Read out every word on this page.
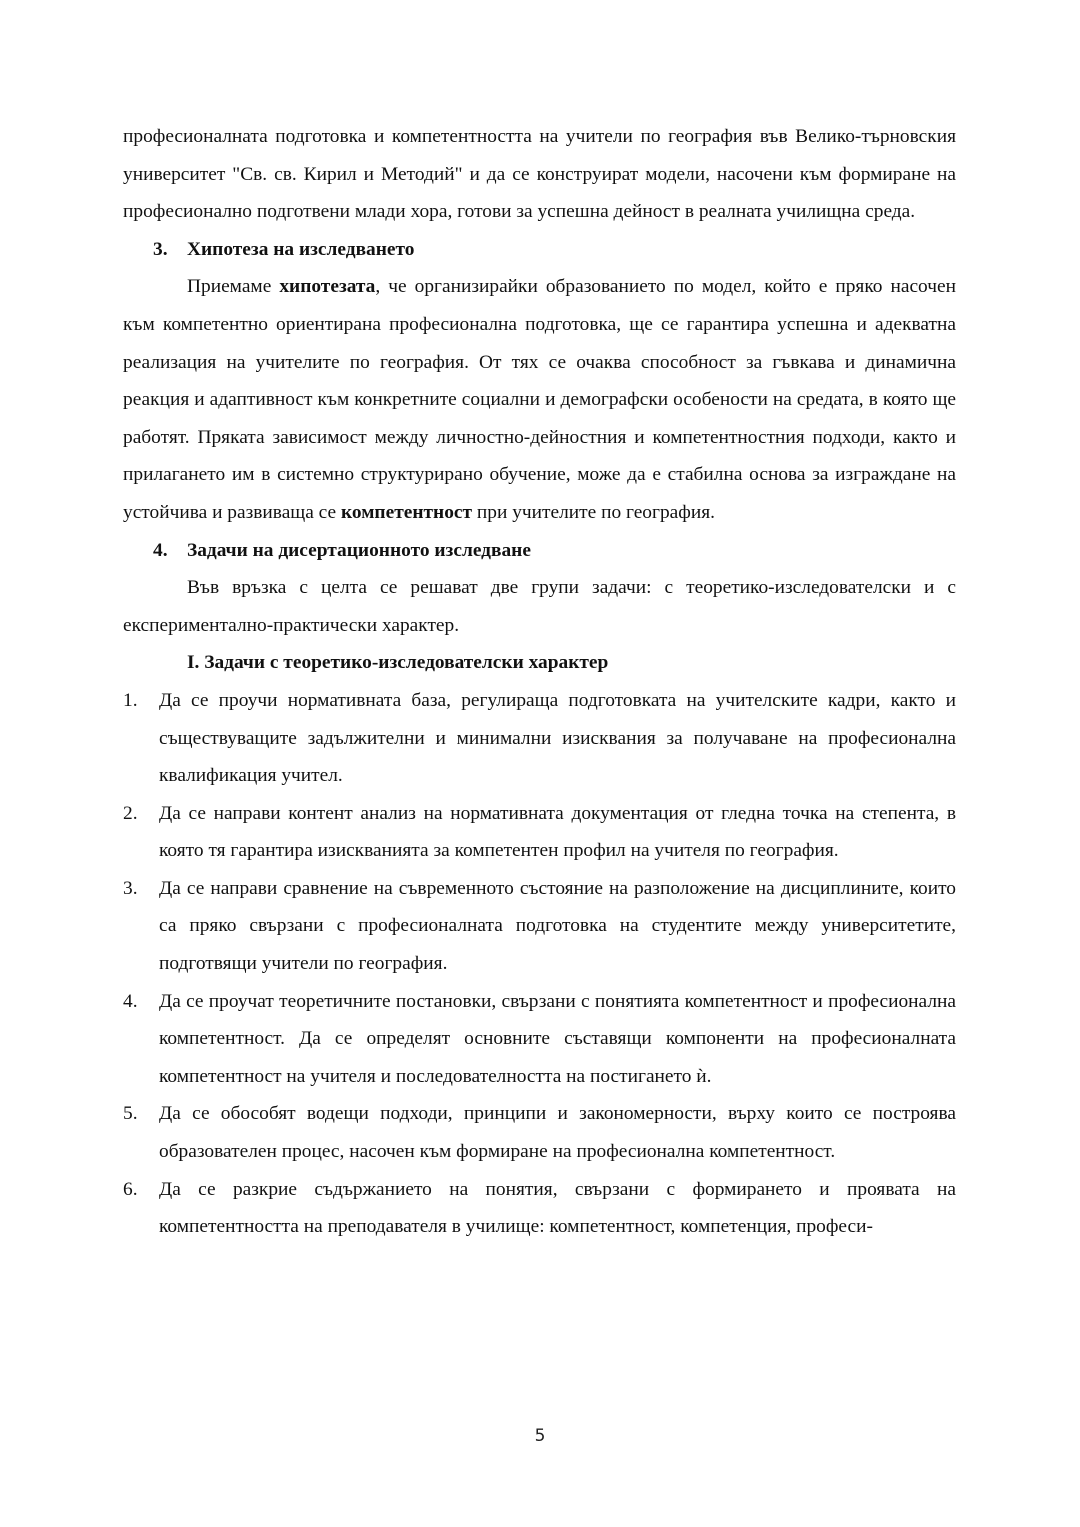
професионалната подготовка и компетентността на учители по география във Велико-търновския университет "Св. св. Кирил и Методий" и да се конструират модели, насочени към формиране на професионално подготвени млади хора, готови за успешна дейност в реалната училищна среда.

3. Хипотеза на изследването

Приемаме хипотезата, че организирайки образованието по модел, който е пряко насочен към компетентно ориентирана професионална подготовка, ще се гарантира успешна и адекватна реализация на учителите по география. От тях се очаква способност за гъвкава и динамична реакция и адаптивност към конкретните социални и демографски особености на средата, в която ще работят. Пряката зависимост между личностно-дейностния и компетентностния подходи, както и прилагането им в системно структурирано обучение, може да е стабилна основа за изграждане на устойчива и развиваща се компетентност при учителите по география.

4. Задачи на дисертационното изследване

Във връзка с целта се решават две групи задачи: с теоретико-изследователски и с експериментално-практически характер.

I. Задачи с теоретико-изследователски характер
1. Да се проучи нормативната база, регулираща подготовката на учителските кадри, както и съществуващите задължителни и минимални изисквания за получаване на професионална квалификация учител.
2. Да се направи контент анализ на нормативната документация от гледна точка на степента, в която тя гарантира изискванията за компетентен профил на учителя по география.
3. Да се направи сравнение на съвременното състояние на разположение на дисциплините, които са пряко свързани с професионалната подготовка на студентите между университетите, подготвящи учители по география.
4. Да се проучат теоретичните постановки, свързани с понятията компетентност и професионална компетентност. Да се определят основните съставящи компоненти на професионалната компетентност на учителя и последователността на постигането ѝ.
5. Да се обособят водещи подходи, принципи и закономерности, върху които се построява образователен процес, насочен към формиране на професионална компетентност.
6. Да се разкрие съдържанието на понятия, свързани с формирането и проявата на компетентността на преподавателя в училище: компетентност, компетенция, професи-
5
